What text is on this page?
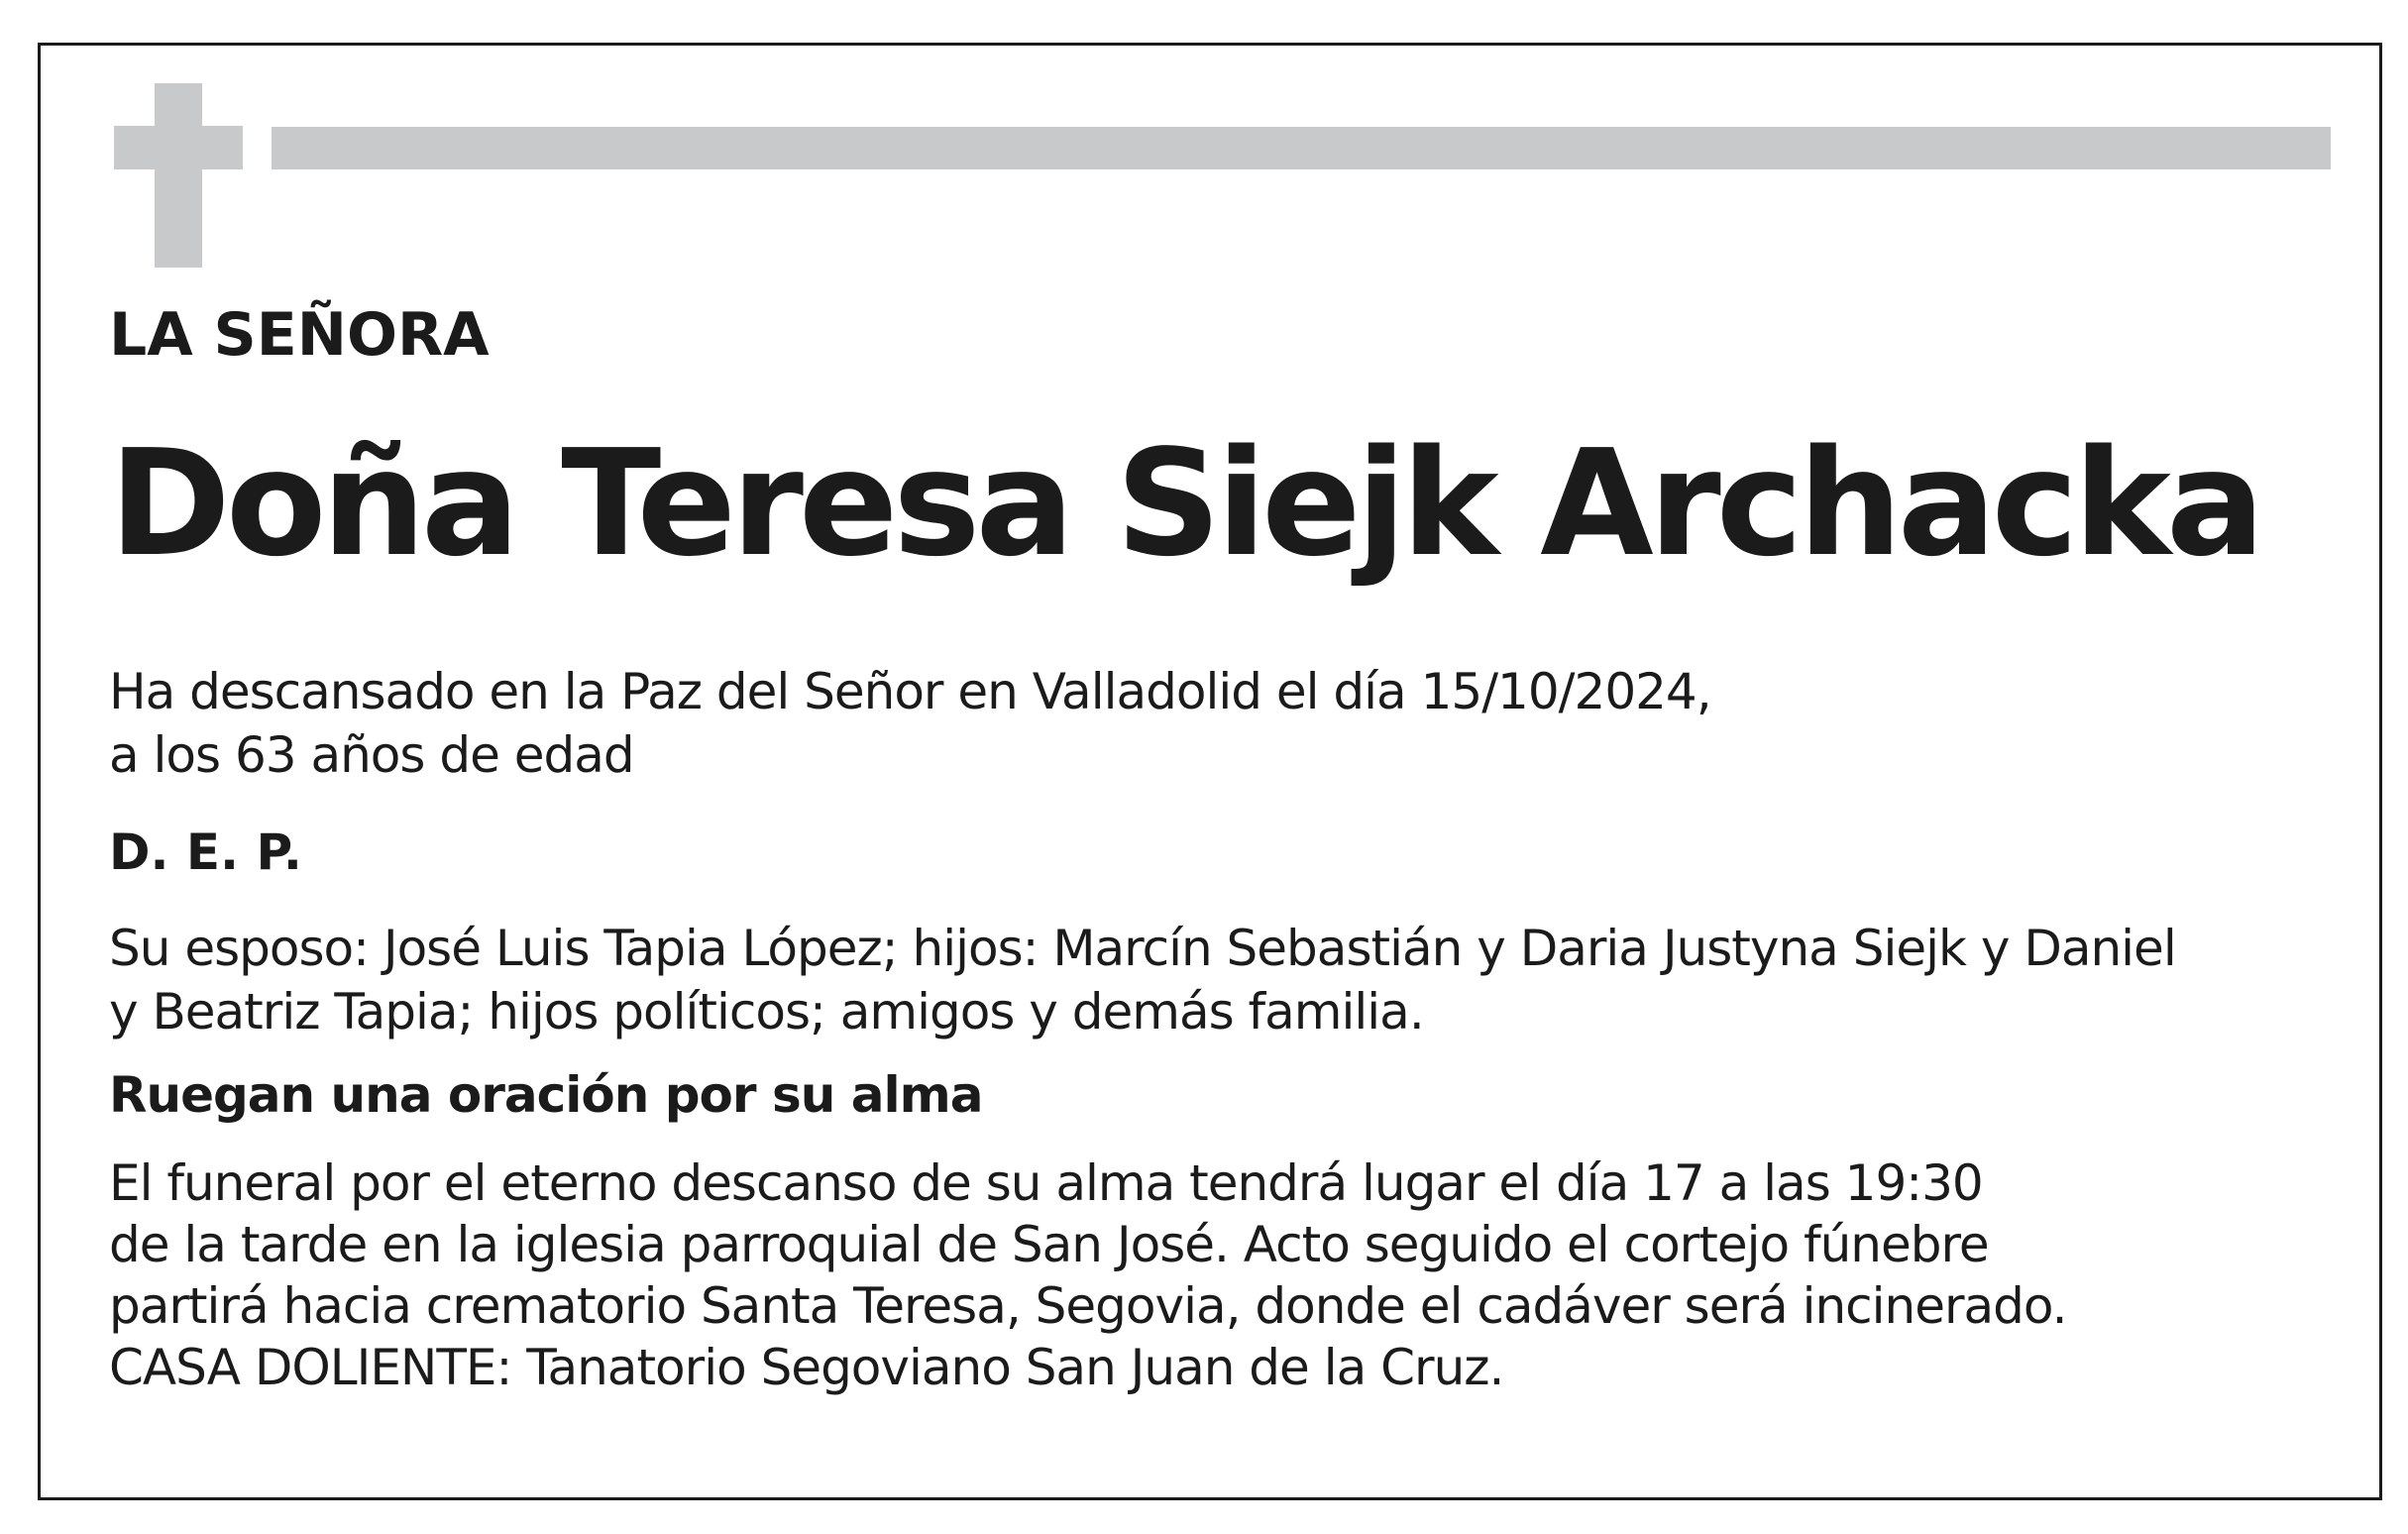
LA SEÑORA

Doña Teresa Siejk Archacka

Ha descansado en la Paz del Señor en Valladolid el día 15/10/2024,

a los 63 años de edad

D. E. P.

Su esposo: José Luis Tapia López; hijos: Marcín Sebastián y Daria Justyna Siejk y Daniel

y Beatriz Tapia; hijos políticos; amigos y demás familia.

Ruegan una oración por su alma

El funeral por el eterno descanso de su alma tendrá lugar el día 17 a las 19:30

de la tarde en la iglesia parroquial de San José. Acto seguido el cortejo fúnebre

partirá hacia crematorio Santa Teresa, Segovia, donde el cadáver será incinerado.

CASA DOLIENTE: Tanatorio Segoviano San Juan de la Cruz.
